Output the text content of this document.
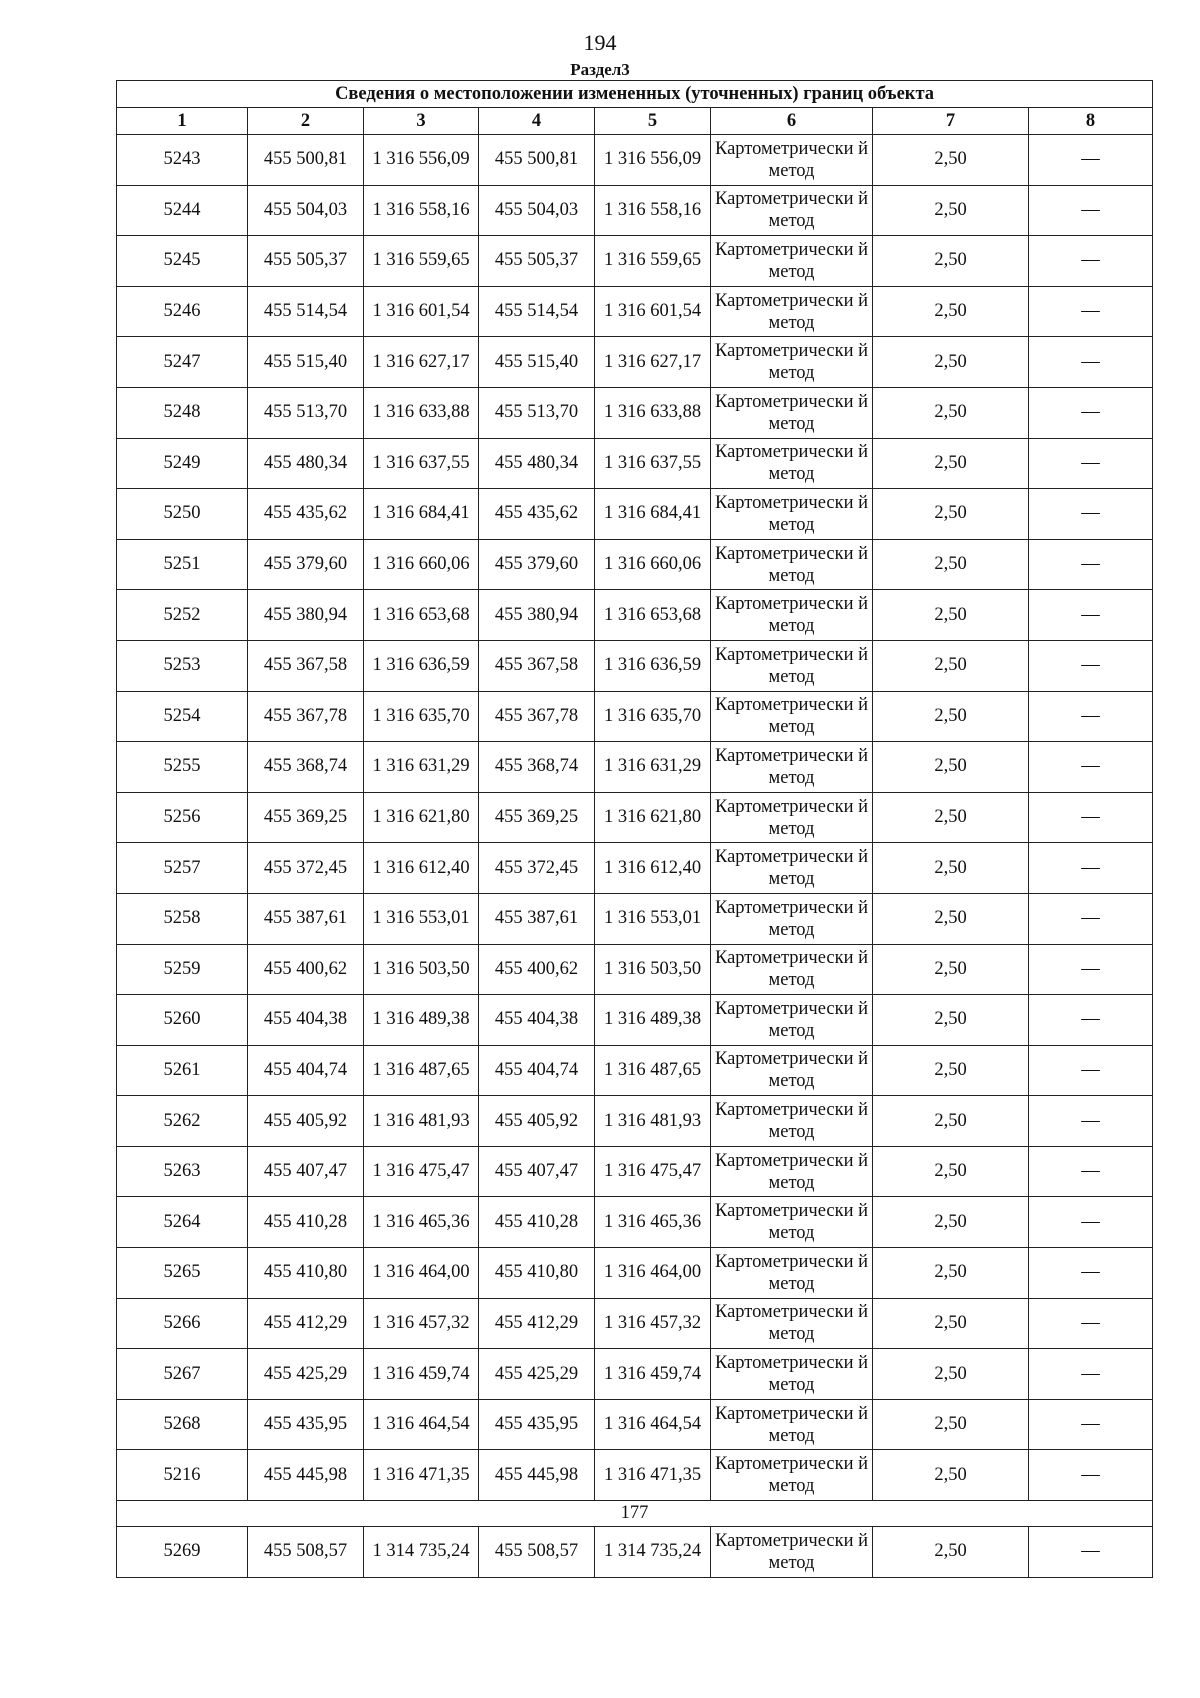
194
Раздел3
Сведения о местоположении измененных (уточненных) границ объекта							
1	2	3	4	5	6	7	8
5243	455 500,81	1 316 556,09	455 500,81	1 316 556,09	Картометрически й метод	2,50	—
5244	455 504,03	1 316 558,16	455 504,03	1 316 558,16	Картометрически й метод	2,50	—
5245	455 505,37	1 316 559,65	455 505,37	1 316 559,65	Картометрически й метод	2,50	—
5246	455 514,54	1 316 601,54	455 514,54	1 316 601,54	Картометрически й метод	2,50	—
5247	455 515,40	1 316 627,17	455 515,40	1 316 627,17	Картометрически й метод	2,50	—
5248	455 513,70	1 316 633,88	455 513,70	1 316 633,88	Картометрически й метод	2,50	—
5249	455 480,34	1 316 637,55	455 480,34	1 316 637,55	Картометрически й метод	2,50	—
5250	455 435,62	1 316 684,41	455 435,62	1 316 684,41	Картометрически й метод	2,50	—
5251	455 379,60	1 316 660,06	455 379,60	1 316 660,06	Картометрически й метод	2,50	—
5252	455 380,94	1 316 653,68	455 380,94	1 316 653,68	Картометрически й метод	2,50	—
5253	455 367,58	1 316 636,59	455 367,58	1 316 636,59	Картометрически й метод	2,50	—
5254	455 367,78	1 316 635,70	455 367,78	1 316 635,70	Картометрически й метод	2,50	—
5255	455 368,74	1 316 631,29	455 368,74	1 316 631,29	Картометрически й метод	2,50	—
5256	455 369,25	1 316 621,80	455 369,25	1 316 621,80	Картометрически й метод	2,50	—
5257	455 372,45	1 316 612,40	455 372,45	1 316 612,40	Картометрически й метод	2,50	—
5258	455 387,61	1 316 553,01	455 387,61	1 316 553,01	Картометрически й метод	2,50	—
5259	455 400,62	1 316 503,50	455 400,62	1 316 503,50	Картометрически й метод	2,50	—
5260	455 404,38	1 316 489,38	455 404,38	1 316 489,38	Картометрически й метод	2,50	—
5261	455 404,74	1 316 487,65	455 404,74	1 316 487,65	Картометрически й метод	2,50	—
5262	455 405,92	1 316 481,93	455 405,92	1 316 481,93	Картометрически й метод	2,50	—
5263	455 407,47	1 316 475,47	455 407,47	1 316 475,47	Картометрически й метод	2,50	—
5264	455 410,28	1 316 465,36	455 410,28	1 316 465,36	Картометрически й метод	2,50	—
5265	455 410,80	1 316 464,00	455 410,80	1 316 464,00	Картометрически й метод	2,50	—
5266	455 412,29	1 316 457,32	455 412,29	1 316 457,32	Картометрически й метод	2,50	—
5267	455 425,29	1 316 459,74	455 425,29	1 316 459,74	Картометрически й метод	2,50	—
5268	455 435,95	1 316 464,54	455 435,95	1 316 464,54	Картометрически й метод	2,50	—
5216	455 445,98	1 316 471,35	455 445,98	1 316 471,35	Картометрически й метод	2,50	—
177							
5269	455 508,57	1 314 735,24	455 508,57	1 314 735,24	Картометрически й метод	2,50	—
